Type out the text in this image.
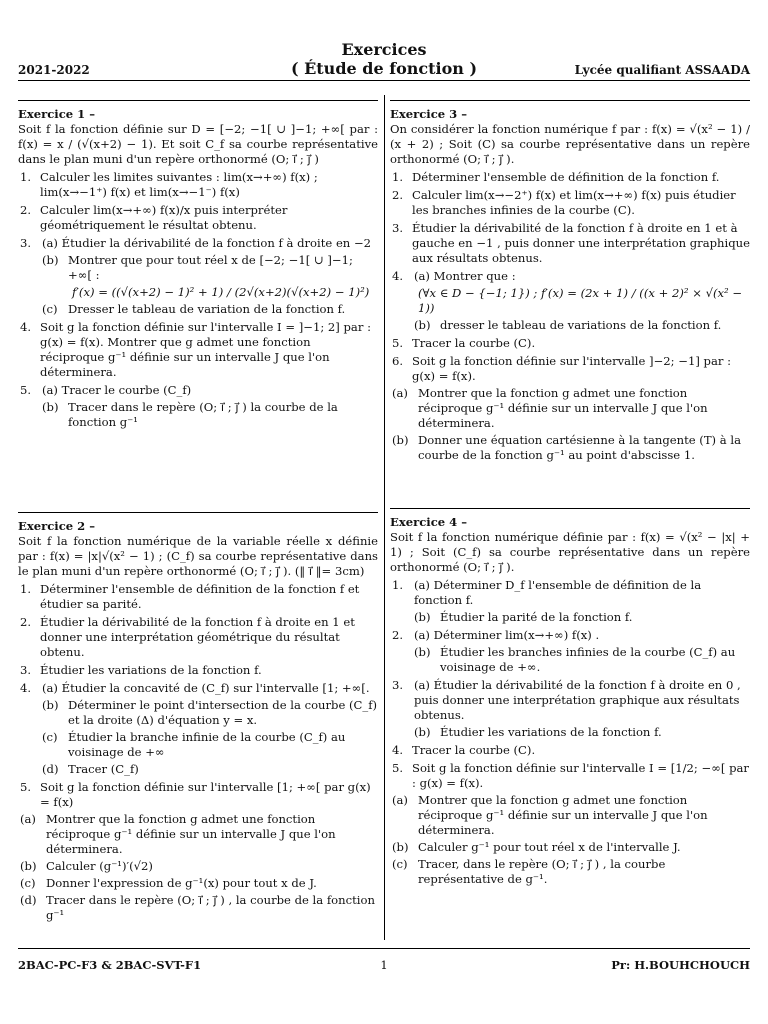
Exercices
( Étude de fonction )
2021-2022	Lycée qualifiant ASSAADA
Exercice 1 –

Soit f la fonction définie sur D = [−2; −1[ ∪ ]−1; +∞[ par : f(x) = x / (√(x+2) − 1). Et soit C_f sa courbe représentative dans le plan muni d'un repère orthonormé (O; i⃗ ; j⃗ )

1. Calculer les limites suivantes : lim(x→+∞) f(x) ; lim(x→−1⁺) f(x) et lim(x→−1⁻) f(x)
2. Calculer lim(x→+∞) f(x)/x puis interpréter géométriquement le résultat obtenu.
3. (a) Étudier la dérivabilité de la fonction f à droite en −2
(b) Montrer que pour tout réel x de [−2; −1[ ∪ ]−1; +∞[ :
f′(x) = ((√(x+2) − 1)² + 1) / (2√(x+2)(√(x+2) − 1)²)
(c) Dresser le tableau de variation de la fonction f.
4. Soit g la fonction définie sur l'intervalle I = ]−1; 2] par : g(x) = f(x). Montrer que g admet une fonction réciproque g⁻¹ définie sur un intervalle J que l'on déterminera.
5. (a) Tracer le courbe (C_f)
(b) Tracer dans le repère (O; i⃗ ; j⃗ ) la courbe de la fonction g⁻¹
Exercice 2 –

Soit f la fonction numérique de la variable réelle x définie par : f(x) = |x|√(x² − 1) ; (C_f) sa courbe représentative dans le plan muni d'un repère orthonormé (O; i⃗ ; j⃗ ). (‖ i⃗ ‖= 3cm)

1. Déterminer l'ensemble de définition de la fonction f et étudier sa parité.
2. Étudier la dérivabilité de la fonction f à droite en 1 et donner une interprétation géométrique du résultat obtenu.
3. Étudier les variations de la fonction f.
4. (a) Étudier la concavité de (C_f) sur l'intervalle [1; +∞[.
(b) Déterminer le point d'intersection de la courbe (C_f) et la droite (Δ) d'équation y = x.
(c) Étudier la branche infinie de la courbe (C_f) au voisinage de +∞
(d) Tracer (C_f)
5. Soit g la fonction définie sur l'intervalle [1; +∞[ par g(x) = f(x)
(a) Montrer que la fonction g admet une fonction réciproque g⁻¹ définie sur un intervalle J que l'on déterminera.
(b) Calculer (g⁻¹)′(√2)
(c) Donner l'expression de g⁻¹(x) pour tout x de J.
(d) Tracer dans le repère (O; i⃗ ; j⃗ ) , la courbe de la fonction g⁻¹
Exercice 3 –

On considérer la fonction numérique f par : f(x) = √(x² − 1) / (x + 2) ; Soit (C) sa courbe représentative dans un repère orthonormé (O; i⃗ ; j⃗ ).

1. Déterminer l'ensemble de définition de la fonction f.
2. Calculer lim(x→−2⁺) f(x) et lim(x→+∞) f(x) puis étudier les branches infinies de la courbe (C).
3. Étudier la dérivabilité de la fonction f à droite en 1 et à gauche en −1 , puis donner une interprétation graphique aux résultats obtenus.
4. (a) Montrer que :
(∀x ∈ D − {−1; 1}) ; f′(x) = (2x + 1) / ((x + 2)² × √(x² − 1))
(b) dresser le tableau de variations de la fonction f.
5. Tracer la courbe (C).
6. Soit g la fonction définie sur l'intervalle ]−2; −1] par : g(x) = f(x).
(a) Montrer que la fonction g admet une fonction réciproque g⁻¹ définie sur un intervalle J que l'on déterminera.
(b) Donner une équation cartésienne à la tangente (T) à la courbe de la fonction g⁻¹ au point d'abscisse 1.
Exercice 4 –

Soit f la fonction numérique définie par : f(x) = √(x² − |x| + 1) ; Soit (C_f) sa courbe représentative dans un repère orthonormé (O; i⃗ ; j⃗ ).

1. (a) Déterminer D_f l'ensemble de définition de la fonction f.
(b) Étudier la parité de la fonction f.
2. (a) Déterminer lim(x→+∞) f(x) .
(b) Étudier les branches infinies de la courbe (C_f) au voisinage de +∞.
3. (a) Étudier la dérivabilité de la fonction f à droite en 0 , puis donner une interprétation graphique aux résultats obtenus.
(b) Étudier les variations de la fonction f.
4. Tracer la courbe (C).
5. Soit g la fonction définie sur l'intervalle I = [1/2; −∞[ par : g(x) = f(x).
(a) Montrer que la fonction g admet une fonction réciproque g⁻¹ définie sur un intervalle J que l'on déterminera.
(b) Calculer g⁻¹ pour tout réel x de l'intervalle J.
(c) Tracer, dans le repère (O; i⃗ ; j⃗ ) , la courbe représentative de g⁻¹.
2BAC-PC-F3 & 2BAC-SVT-F1	1	Pr: H.BOUHCHOUCH
